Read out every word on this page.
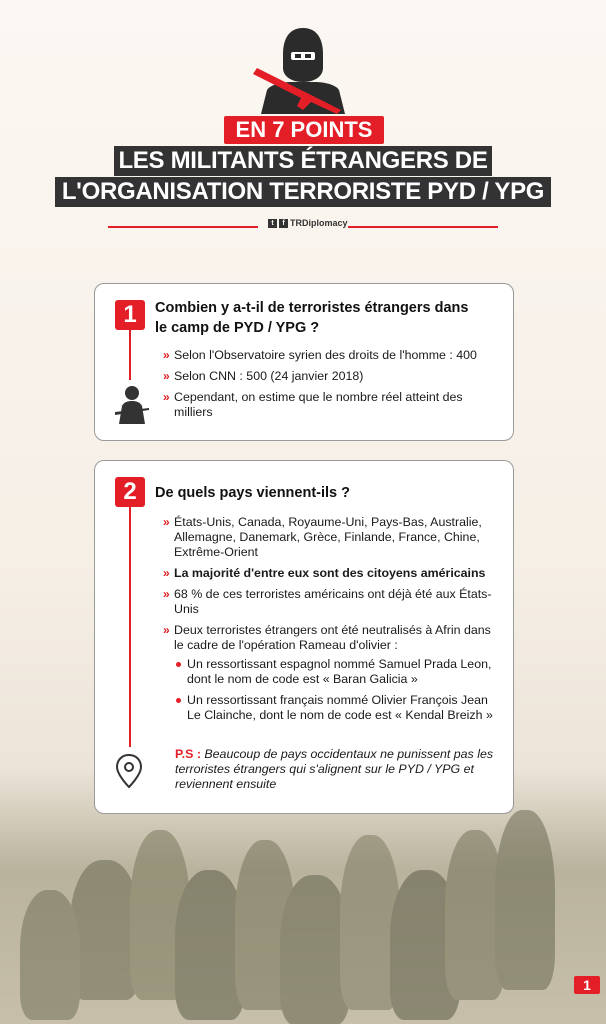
EN 7 POINTS
LES MILITANTS ÉTRANGERS DE
L'ORGANISATION TERRORISTE PYD / YPG
t f TRDiplomacy
1	Combien y a-t-il de terroristes étrangers dans
le camp de PYD / YPG ?
» Selon l'Observatoire syrien des droits de l'homme : 400
» Selon CNN : 500 (24 janvier 2018)
» Cependant, on estime que le nombre réel atteint des milliers
2	De quels pays viennent-ils ?
» États-Unis, Canada, Royaume-Uni, Pays-Bas, Australie, Allemagne, Danemark, Grèce, Finlande, France, Chine, Extrême-Orient
» La majorité d'entre eux sont des citoyens américains
» 68 % de ces terroristes américains ont déjà été aux États-Unis
» Deux terroristes étrangers ont été neutralisés à Afrin dans le cadre de l'opération Rameau d'olivier :
Un ressortissant espagnol nommé Samuel Prada Leon, dont le nom de code est « Baran Galicia »
Un ressortissant français nommé Olivier François Jean Le Clainche, dont le nom de code est « Kendal Breizh »
P.S : Beaucoup de pays occidentaux ne punissent pas les terroristes étrangers qui s'alignent sur le PYD / YPG et reviennent ensuite
1
